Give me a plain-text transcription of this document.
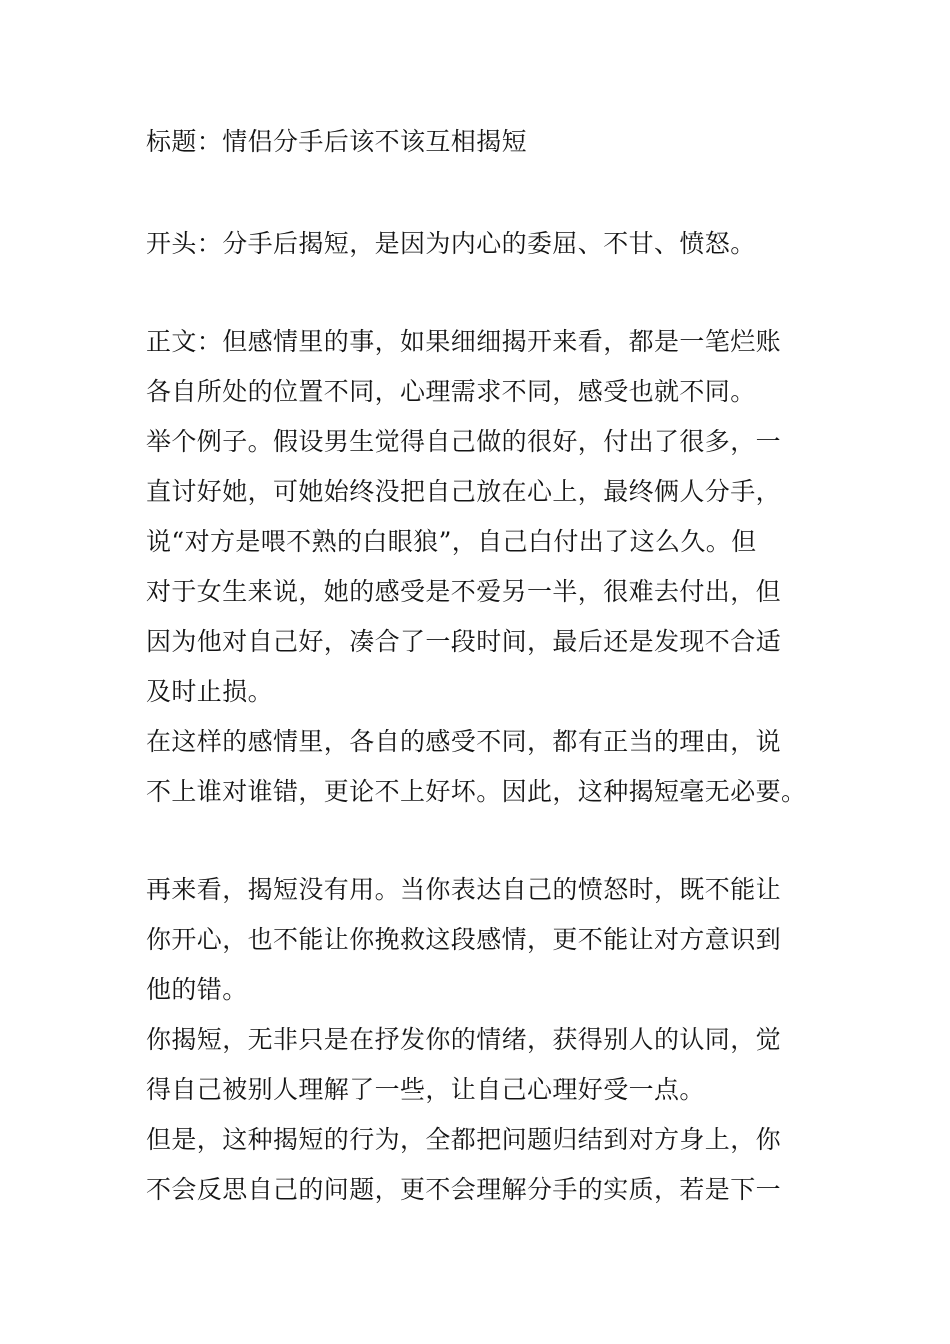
标题：情侣分手后该不该互相揭短

开头：分手后揭短，是因为内心的委屈、不甘、愤怒。

正文：但感情里的事，如果细细揭开来看，都是一笔烂账

各自所处的位置不同，心理需求不同，感受也就不同。

举个例子。假设男生觉得自己做的很好，付出了很多，一

直讨好她，可她始终没把自己放在心上，最终俩人分手，

说“对方是喂不熟的白眼狼”，自己白付出了这么久。但

对于女生来说，她的感受是不爱另一半，很难去付出，但

因为他对自己好，凑合了一段时间，最后还是发现不合适

及时止损。

在这样的感情里，各自的感受不同，都有正当的理由，说

不上谁对谁错，更论不上好坏。因此，这种揭短毫无必要。

再来看，揭短没有用。当你表达自己的愤怒时，既不能让

你开心，也不能让你挽救这段感情，更不能让对方意识到

他的错。

你揭短，无非只是在抒发你的情绪，获得别人的认同，觉

得自己被别人理解了一些，让自己心理好受一点。

但是，这种揭短的行为，全都把问题归结到对方身上，你

不会反思自己的问题，更不会理解分手的实质，若是下一
